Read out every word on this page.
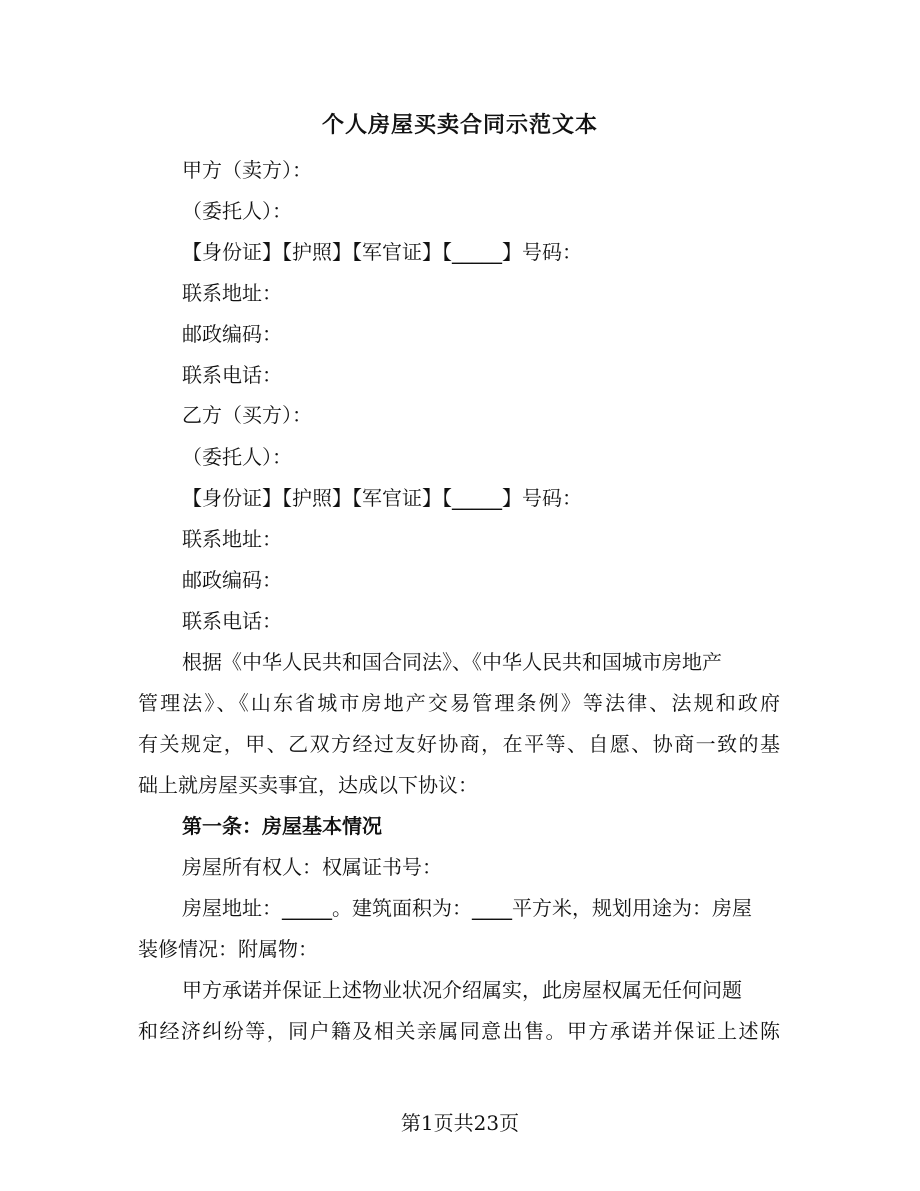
个人房屋买卖合同示范文本
甲方（卖方）：
（委托人）：
【身份证】【护照】【军官证】【_____】号码：
联系地址：
邮政编码：
联系电话：
乙方（买方）：
（委托人）：
【身份证】【护照】【军官证】【_____】号码：
联系地址：
邮政编码：
联系电话：
根据《中华人民共和国合同法》、《中华人民共和国城市房地产
管理法》、《山东省城市房地产交易管理条例》等法律、法规和政府
有关规定，甲、乙双方经过友好协商，在平等、自愿、协商一致的基
础上就房屋买卖事宜，达成以下协议：
第一条：房屋基本情况
房屋所有权人：权属证书号：
房屋地址：_____。建筑面积为：____平方米，规划用途为：房屋
装修情况：附属物：
甲方承诺并保证上述物业状况介绍属实，此房屋权属无任何问题
和经济纠纷等，同户籍及相关亲属同意出售。甲方承诺并保证上述陈
第1页共23页
